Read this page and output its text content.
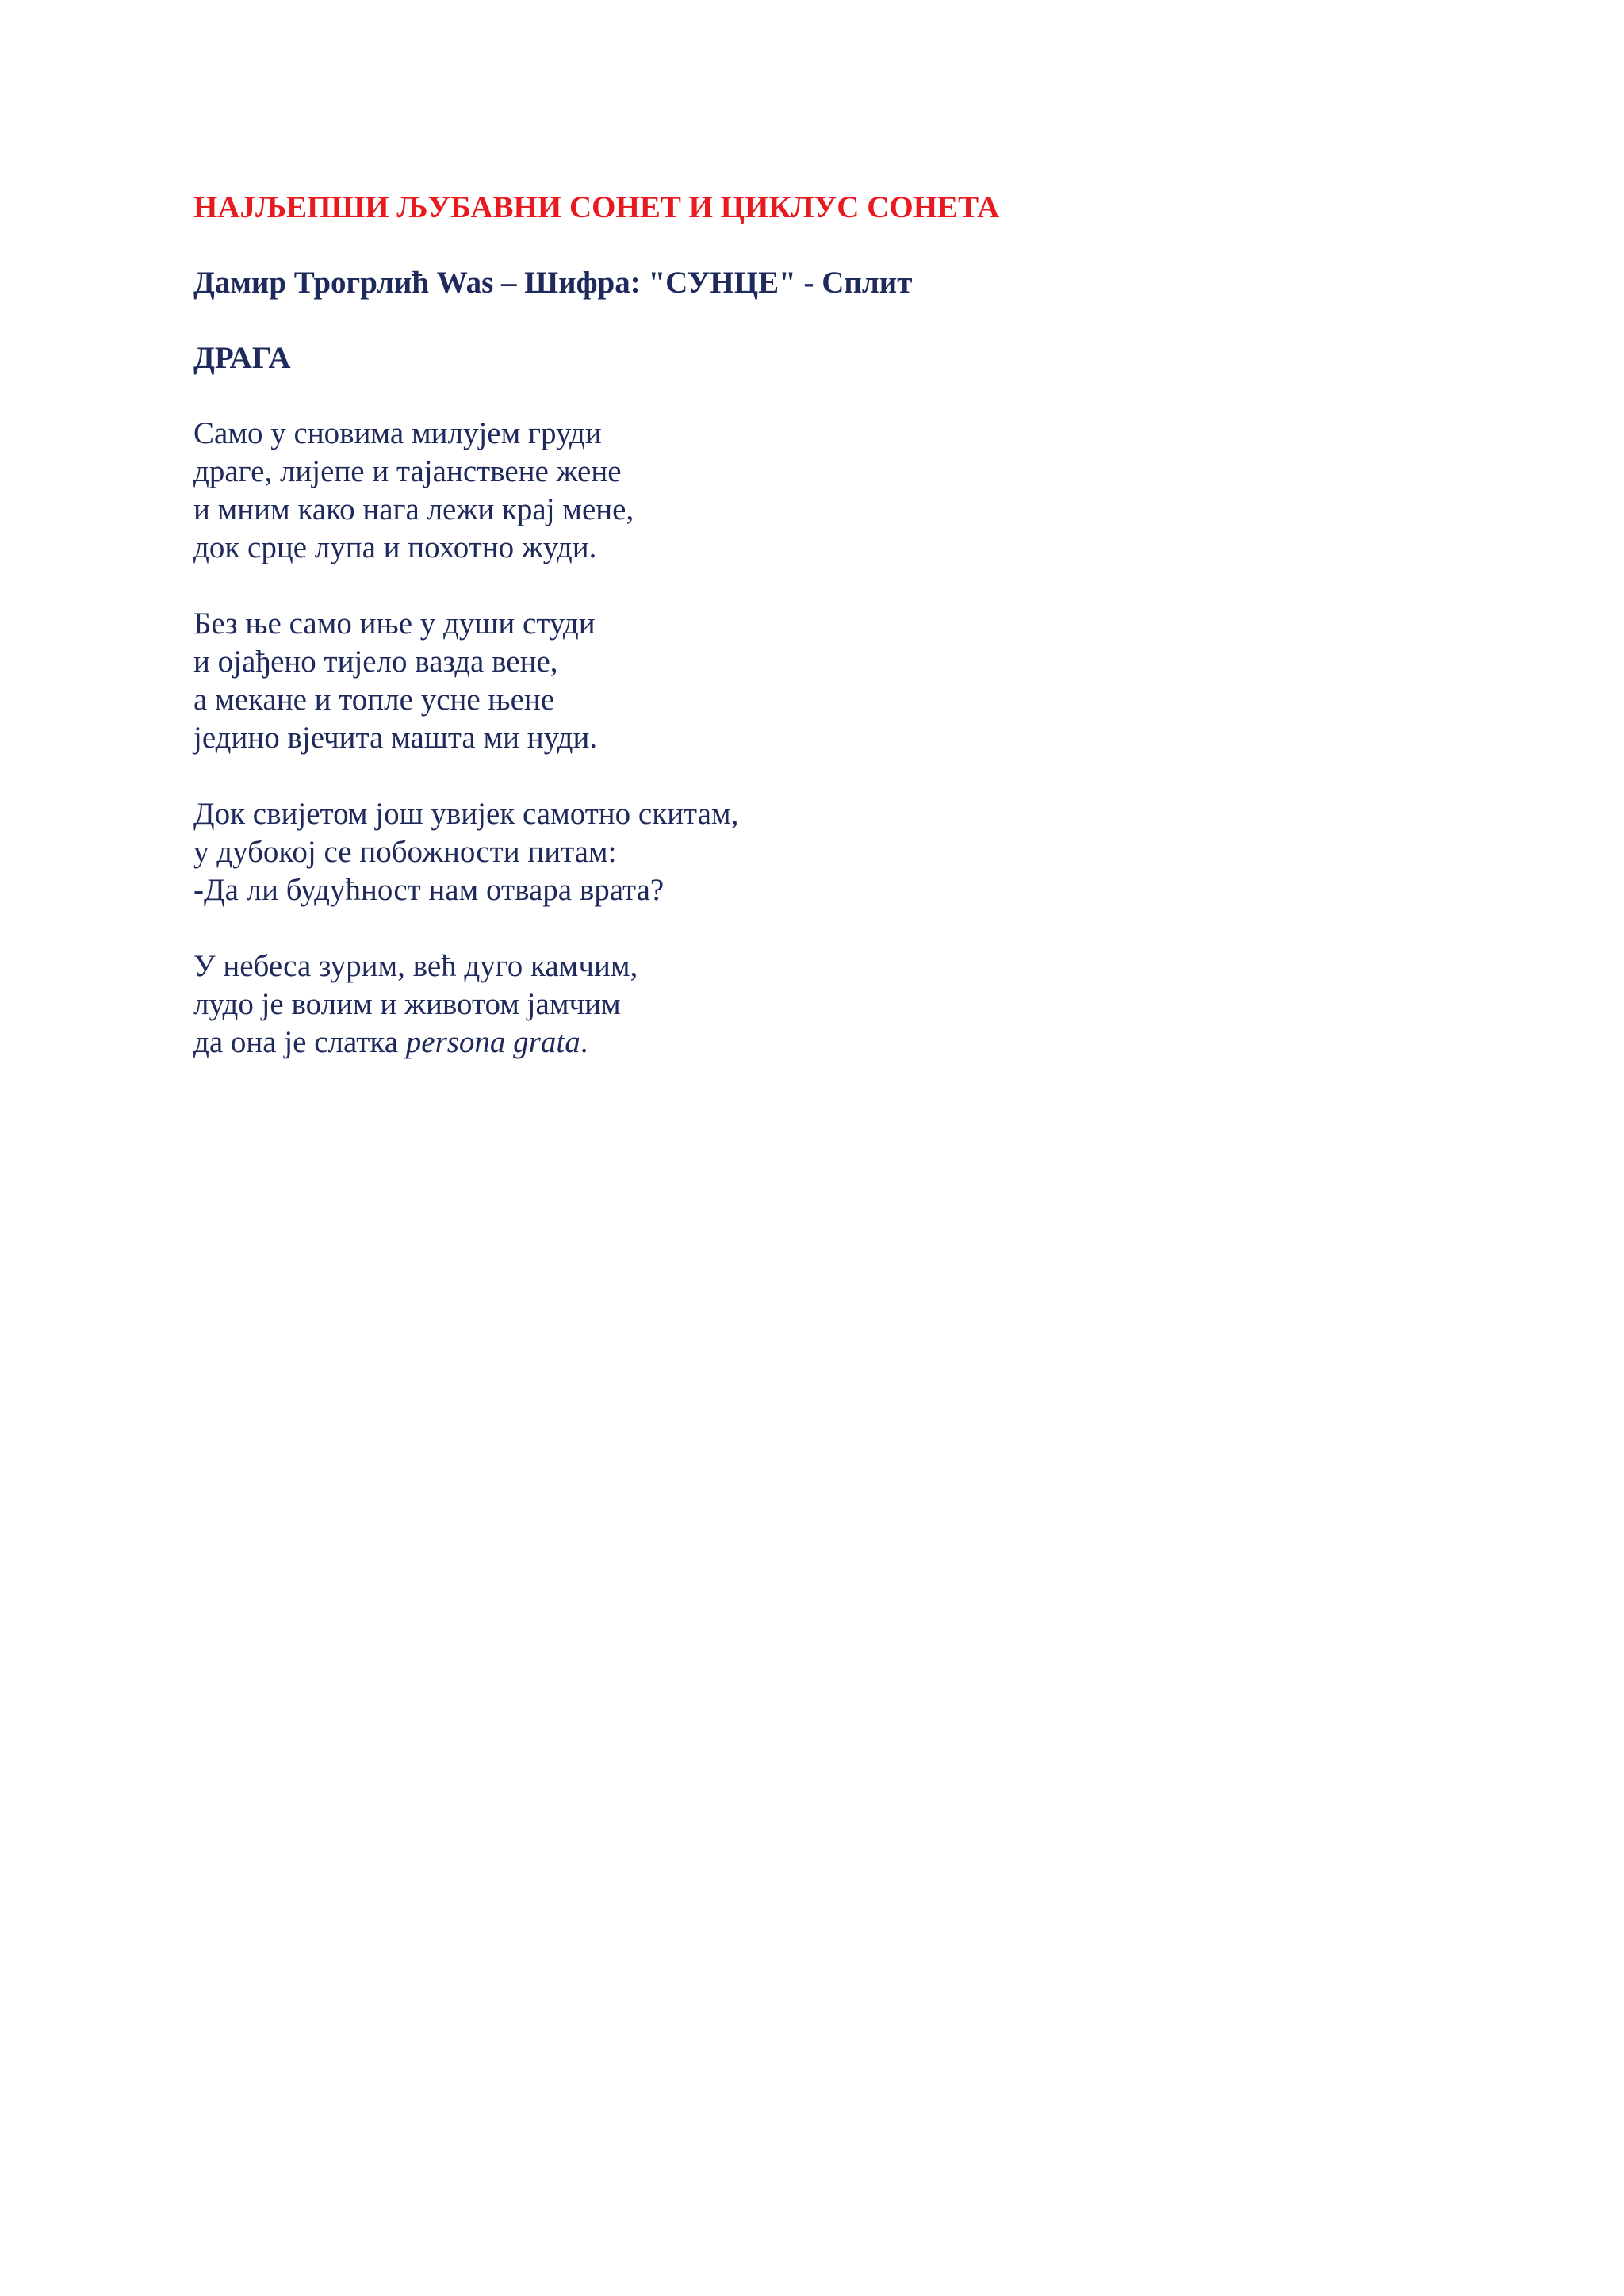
НАЈЉЕПШИ ЉУБАВНИ СОНЕТ И ЦИКЛУС СОНЕТА
Дамир Трогрлић Was – Шифра: "СУНЦЕ" - Сплит
ДРАГА
Само у сновима милујем груди
драге, лијепе и тајанствене жене
и мним како нага лежи крај мене,
док срце лупа и похотно жуди.
Без ње само иње у души студи
и ојађено тијело вазда вене,
а мекане и топле усне њене
једино вјечита машта ми нуди.
Док свијетом још увијек самотно скитам,
у дубокој се побожности питам:
-Да ли будућност нам отвара врата?
У небеса зурим, већ дуго камчим,
лудо је волим и животом јамчим
да она је слатка persona grata.
